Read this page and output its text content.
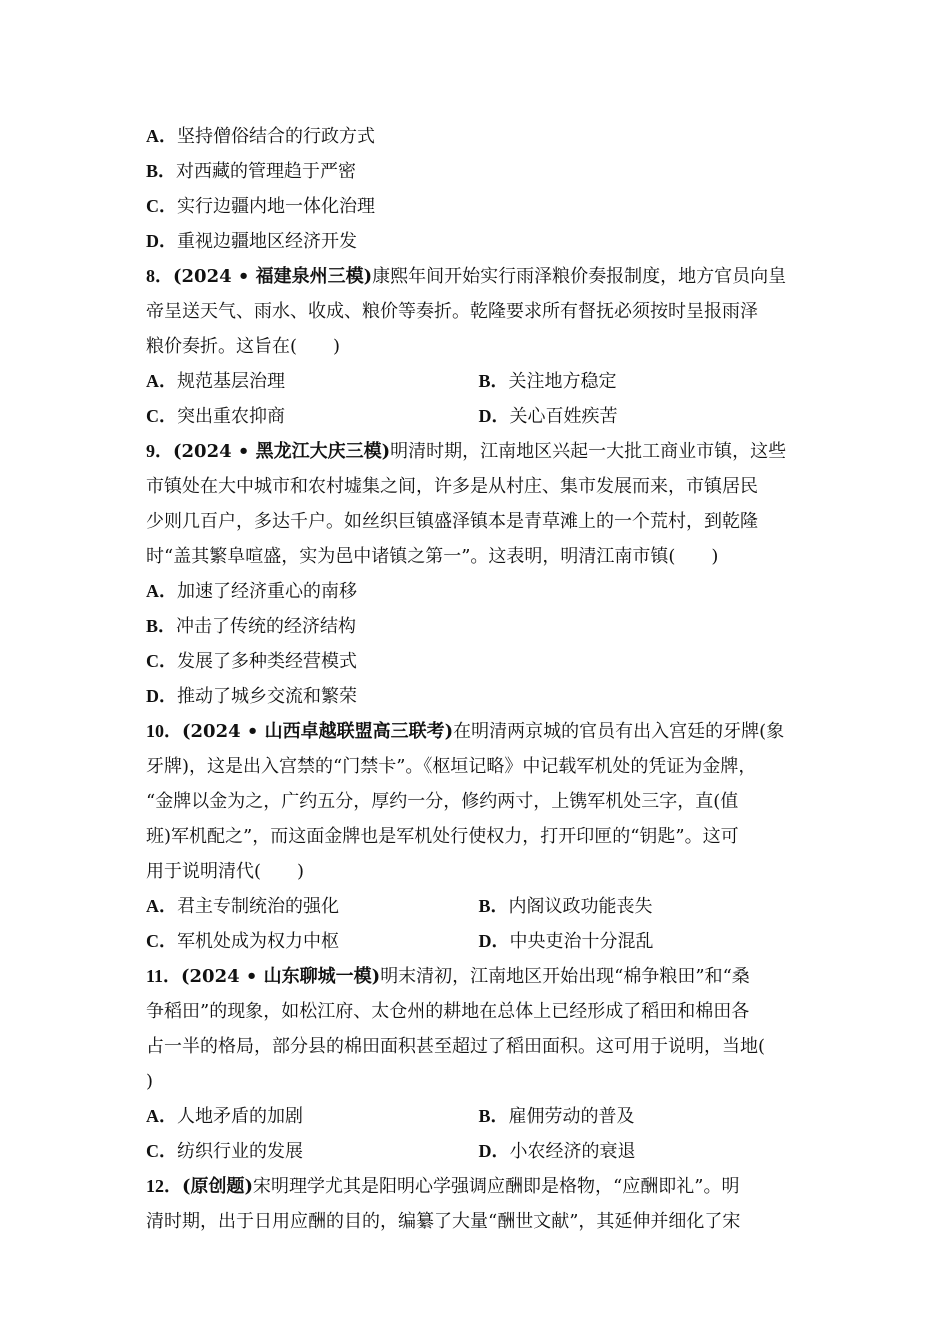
A．坚持僧俗结合的行政方式
B．对西藏的管理趋于严密
C．实行边疆内地一体化治理
D．重视边疆地区经济开发
8．(2024 • 福建泉州三模)康熙年间开始实行雨泽粮价奏报制度，地方官员向皇
帝呈送天气、雨水、收成、粮价等奏折。乾隆要求所有督抚必须按时呈报雨泽
粮价奏折。这旨在(　　)
A．规范基层治理	B．关注地方稳定
C．突出重农抑商	D．关心百姓疾苦
9．(2024 • 黑龙江大庆三模)明清时期，江南地区兴起一大批工商业市镇，这些
市镇处在大中城市和农村墟集之间，许多是从村庄、集市发展而来，市镇居民
少则几百户，多达千户。如丝织巨镇盛泽镇本是青草滩上的一个荒村，到乾隆
时“盖其繁阜喧盛，实为邑中诸镇之第一”。这表明，明清江南市镇(　　)
A．加速了经济重心的南移
B．冲击了传统的经济结构
C．发展了多种类经营模式
D．推动了城乡交流和繁荣
10．(2024 • 山西卓越联盟高三联考)在明清两京城的官员有出入宫廷的牙牌(象
牙牌)，这是出入宫禁的“门禁卡”。《枢垣记略》中记载军机处的凭证为金牌，
“金牌以金为之，广约五分，厚约一分，修约两寸，上镌军机处三字，直(值
班)军机配之”，而这面金牌也是军机处行使权力，打开印匣的“钥匙”。这可
用于说明清代(　　)
A．君主专制统治的强化	B．内阁议政功能丧失
C．军机处成为权力中枢	D．中央吏治十分混乱
11．(2024 • 山东聊城一模)明末清初，江南地区开始出现“棉争粮田”和“桑
争稻田”的现象，如松江府、太仓州的耕地在总体上已经形成了稻田和棉田各
占一半的格局，部分县的棉田面积甚至超过了稻田面积。这可用于说明，当地(
)
A．人地矛盾的加剧	B．雇佣劳动的普及
C．纺织行业的发展	D．小农经济的衰退
12．(原创题)宋明理学尤其是阳明心学强调应酬即是格物，“应酬即礼”。明
清时期，出于日用应酬的目的，编纂了大量“酬世文献”，其延伸并细化了宋
